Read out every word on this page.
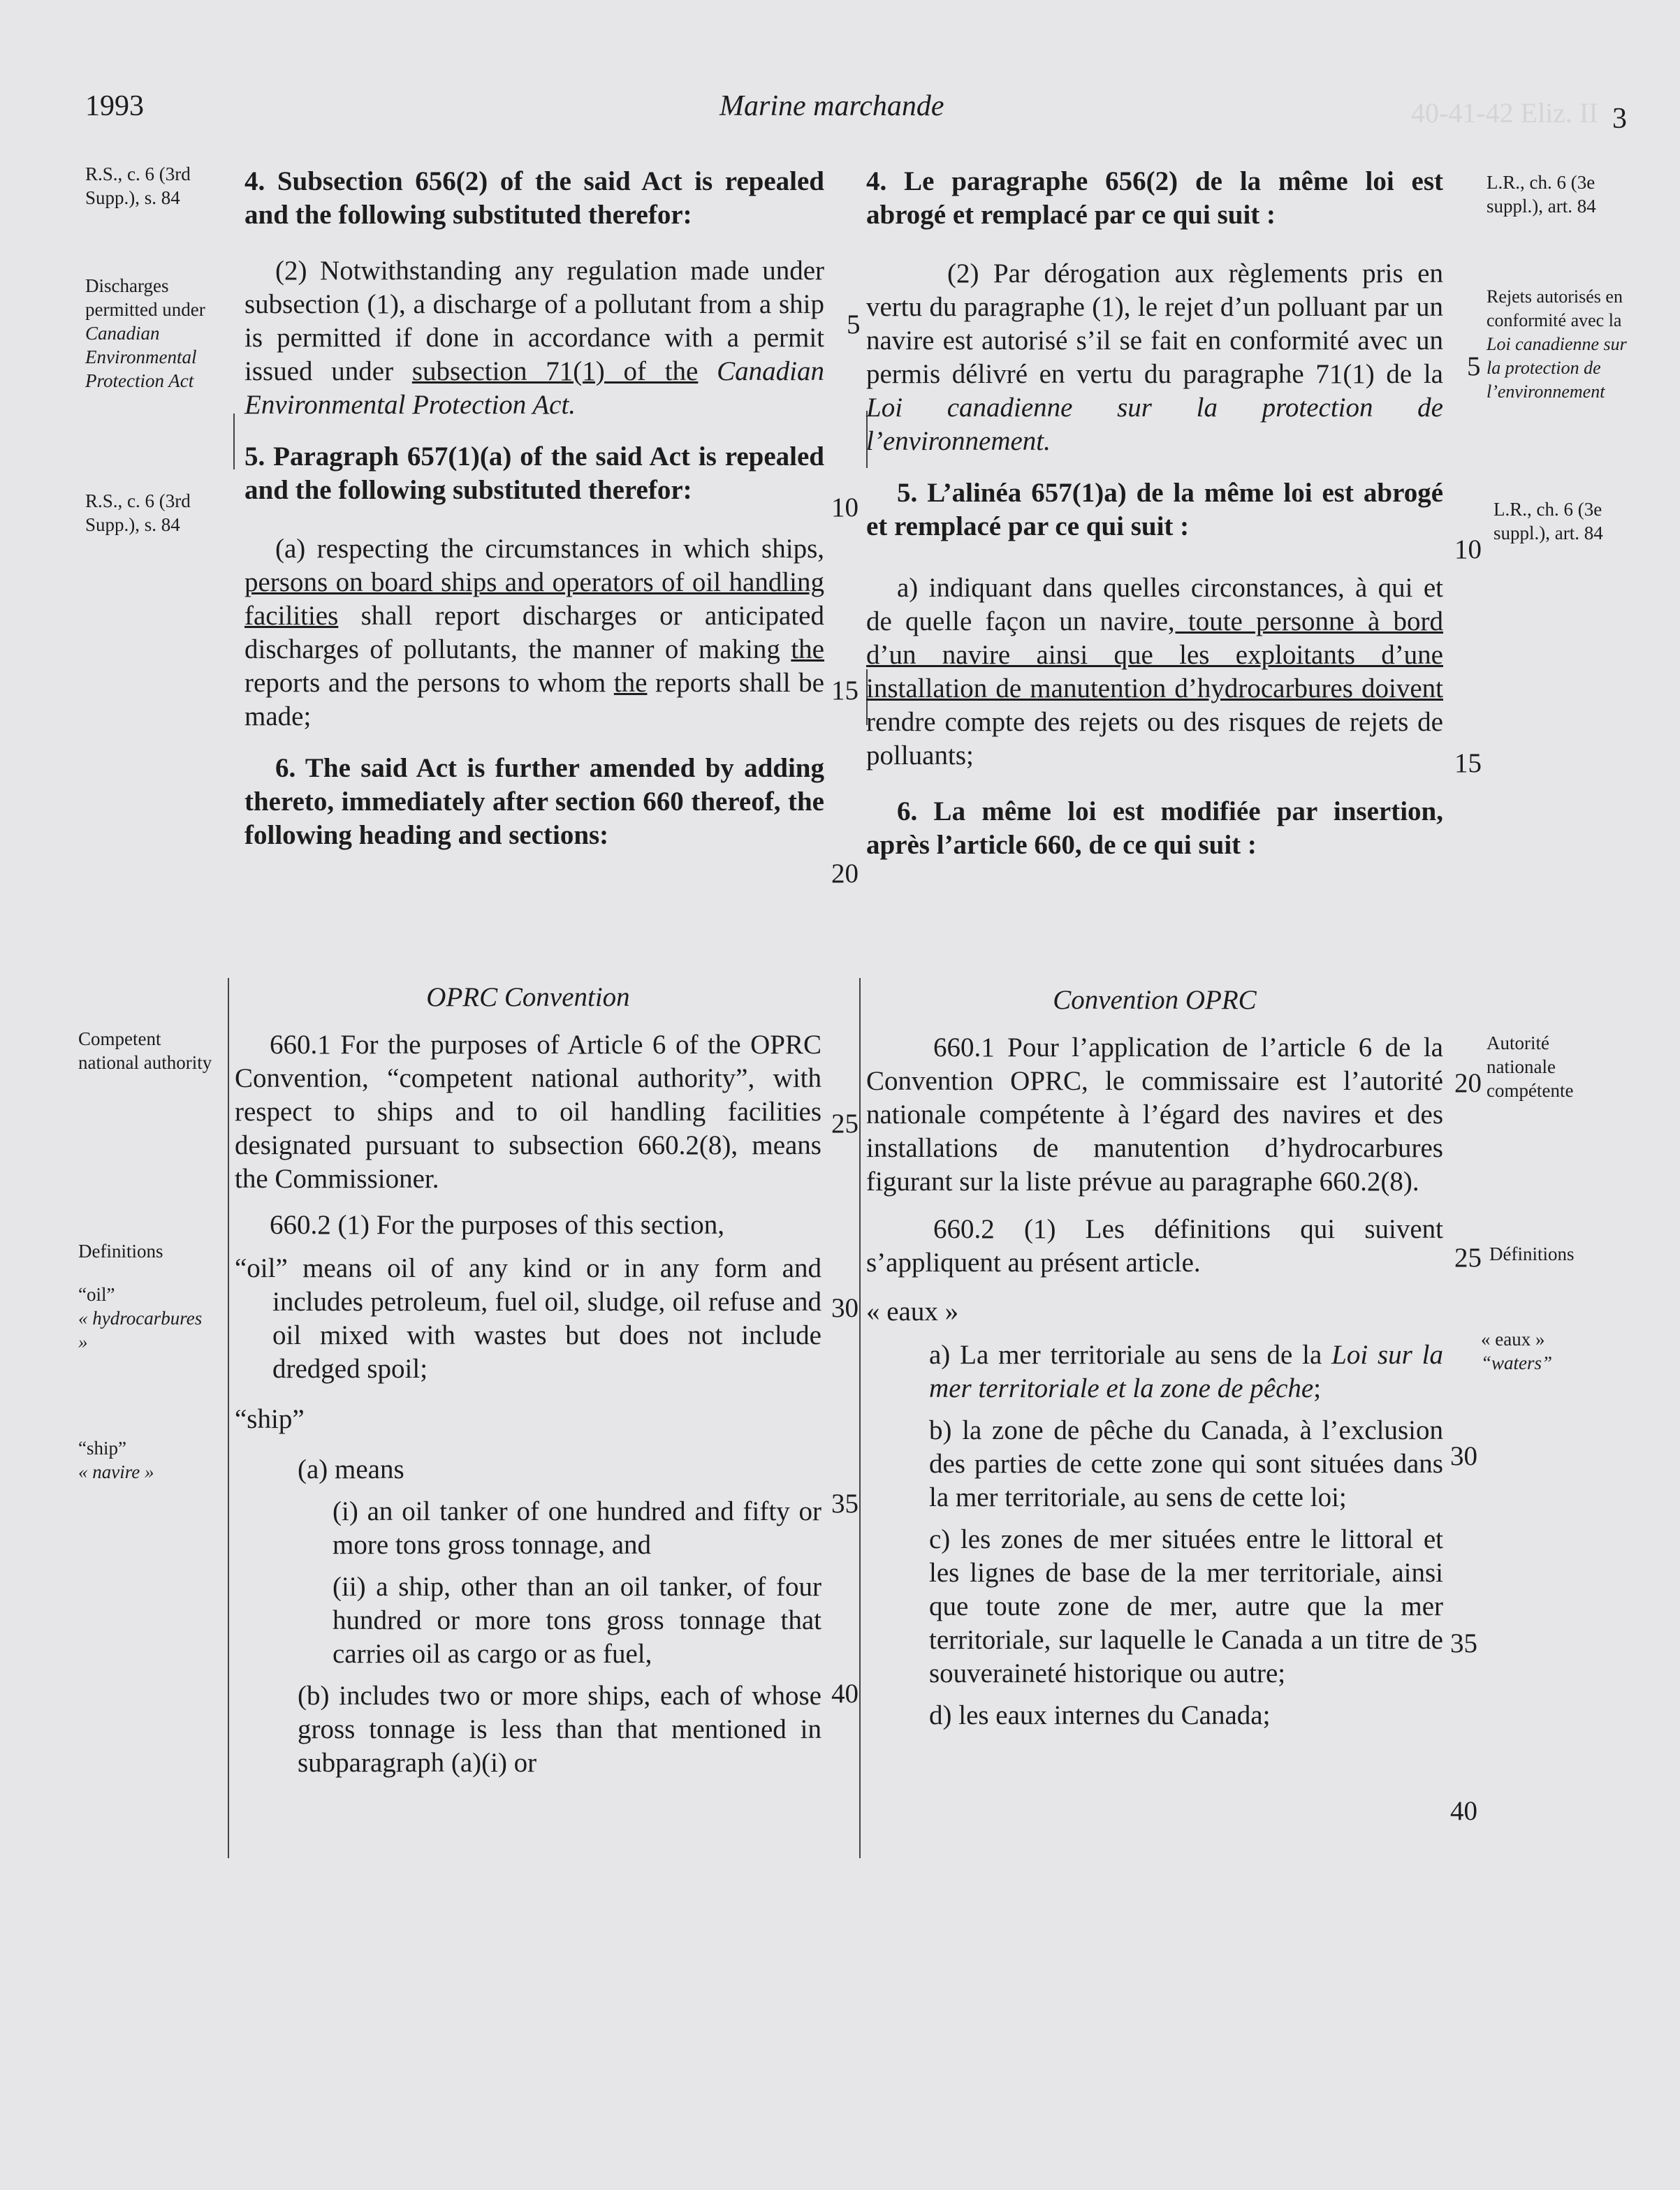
1993	Marine marchande	3
40-41-42 Eliz. II
R.S., c. 6 (3rd Supp.), s. 84
Discharges permitted under
Canadian Environmental Protection Act
R.S., c. 6 (3rd Supp.), s. 84
Competent national authority
Definitions
“oil”
« hydrocarbures »
“ship”
« navire »
L.R., ch. 6 (3e suppl.), art. 84
Rejets autorisés en conformité avec la Loi canadienne sur la protection de l’environnement
L.R., ch. 6 (3e suppl.), art. 84
Autorité nationale compétente
Définitions
« eaux »
“waters”
5
10
15
20
25
30
35
40
5
10
15
20
25
30
35
40

4. Subsection 656(2) of the said Act is repealed and the following substituted therefor:

(2) Notwithstanding any regulation made under subsection (1), a discharge of a pollutant from a ship is permitted if done in accordance with a permit issued under subsection 71(1) of the Canadian Environmental Protection Act.

5. Paragraph 657(1)(a) of the said Act is repealed and the following substituted therefor:

(a) respecting the circumstances in which ships, persons on board ships and operators of oil handling facilities shall report discharges or anticipated discharges of pollutants, the manner of making the reports and the persons to whom the reports shall be made;

6. The said Act is further amended by adding thereto, immediately after section 660 thereof, the following heading and sections:

OPRC Convention

660.1 For the purposes of Article 6 of the OPRC Convention, “competent national authority”, with respect to ships and to oil handling facilities designated pursuant to subsection 660.2(8), means the Commissioner.

660.2 (1) For the purposes of this section,

“oil” means oil of any kind or in any form and includes petroleum, fuel oil, sludge, oil refuse and oil mixed with wastes but does not include dredged spoil;

“ship”

(a) means

(i) an oil tanker of one hundred and fifty or more tons gross tonnage, and

(ii) a ship, other than an oil tanker, of four hundred or more tons gross tonnage that carries oil as cargo or as fuel,

(b) includes two or more ships, each of whose gross tonnage is less than that mentioned in subparagraph (a)(i) or

4. Le paragraphe 656(2) de la même loi est abrogé et remplacé par ce qui suit :

(2) Par dérogation aux règlements pris en vertu du paragraphe (1), le rejet d’un polluant par un navire est autorisé s’il se fait en conformité avec un permis délivré en vertu du paragraphe 71(1) de la Loi canadienne sur la protection de l’environnement.

5. L’alinéa 657(1)a) de la même loi est abrogé et remplacé par ce qui suit :

a) indiquant dans quelles circonstances, à qui et de quelle façon un navire, toute personne à bord d’un navire ainsi que les exploitants d’une installation de manutention d’hydrocarbures doivent rendre compte des rejets ou des risques de rejets de polluants;

6. La même loi est modifiée par insertion, après l’article 660, de ce qui suit :

Convention OPRC

660.1 Pour l’application de l’article 6 de la Convention OPRC, le commissaire est l’autorité nationale compétente à l’égard des navires et des installations de manutention d’hydrocarbures figurant sur la liste prévue au paragraphe 660.2(8).

660.2 (1) Les définitions qui suivent s’appliquent au présent article.

« eaux »

a) La mer territoriale au sens de la Loi sur la mer territoriale et la zone de pêche;

b) la zone de pêche du Canada, à l’exclusion des parties de cette zone qui sont situées dans la mer territoriale, au sens de cette loi;

c) les zones de mer situées entre le littoral et les lignes de base de la mer territoriale, ainsi que toute zone de mer, autre que la mer territoriale, sur laquelle le Canada a un titre de souveraineté historique ou autre;

d) les eaux internes du Canada;
